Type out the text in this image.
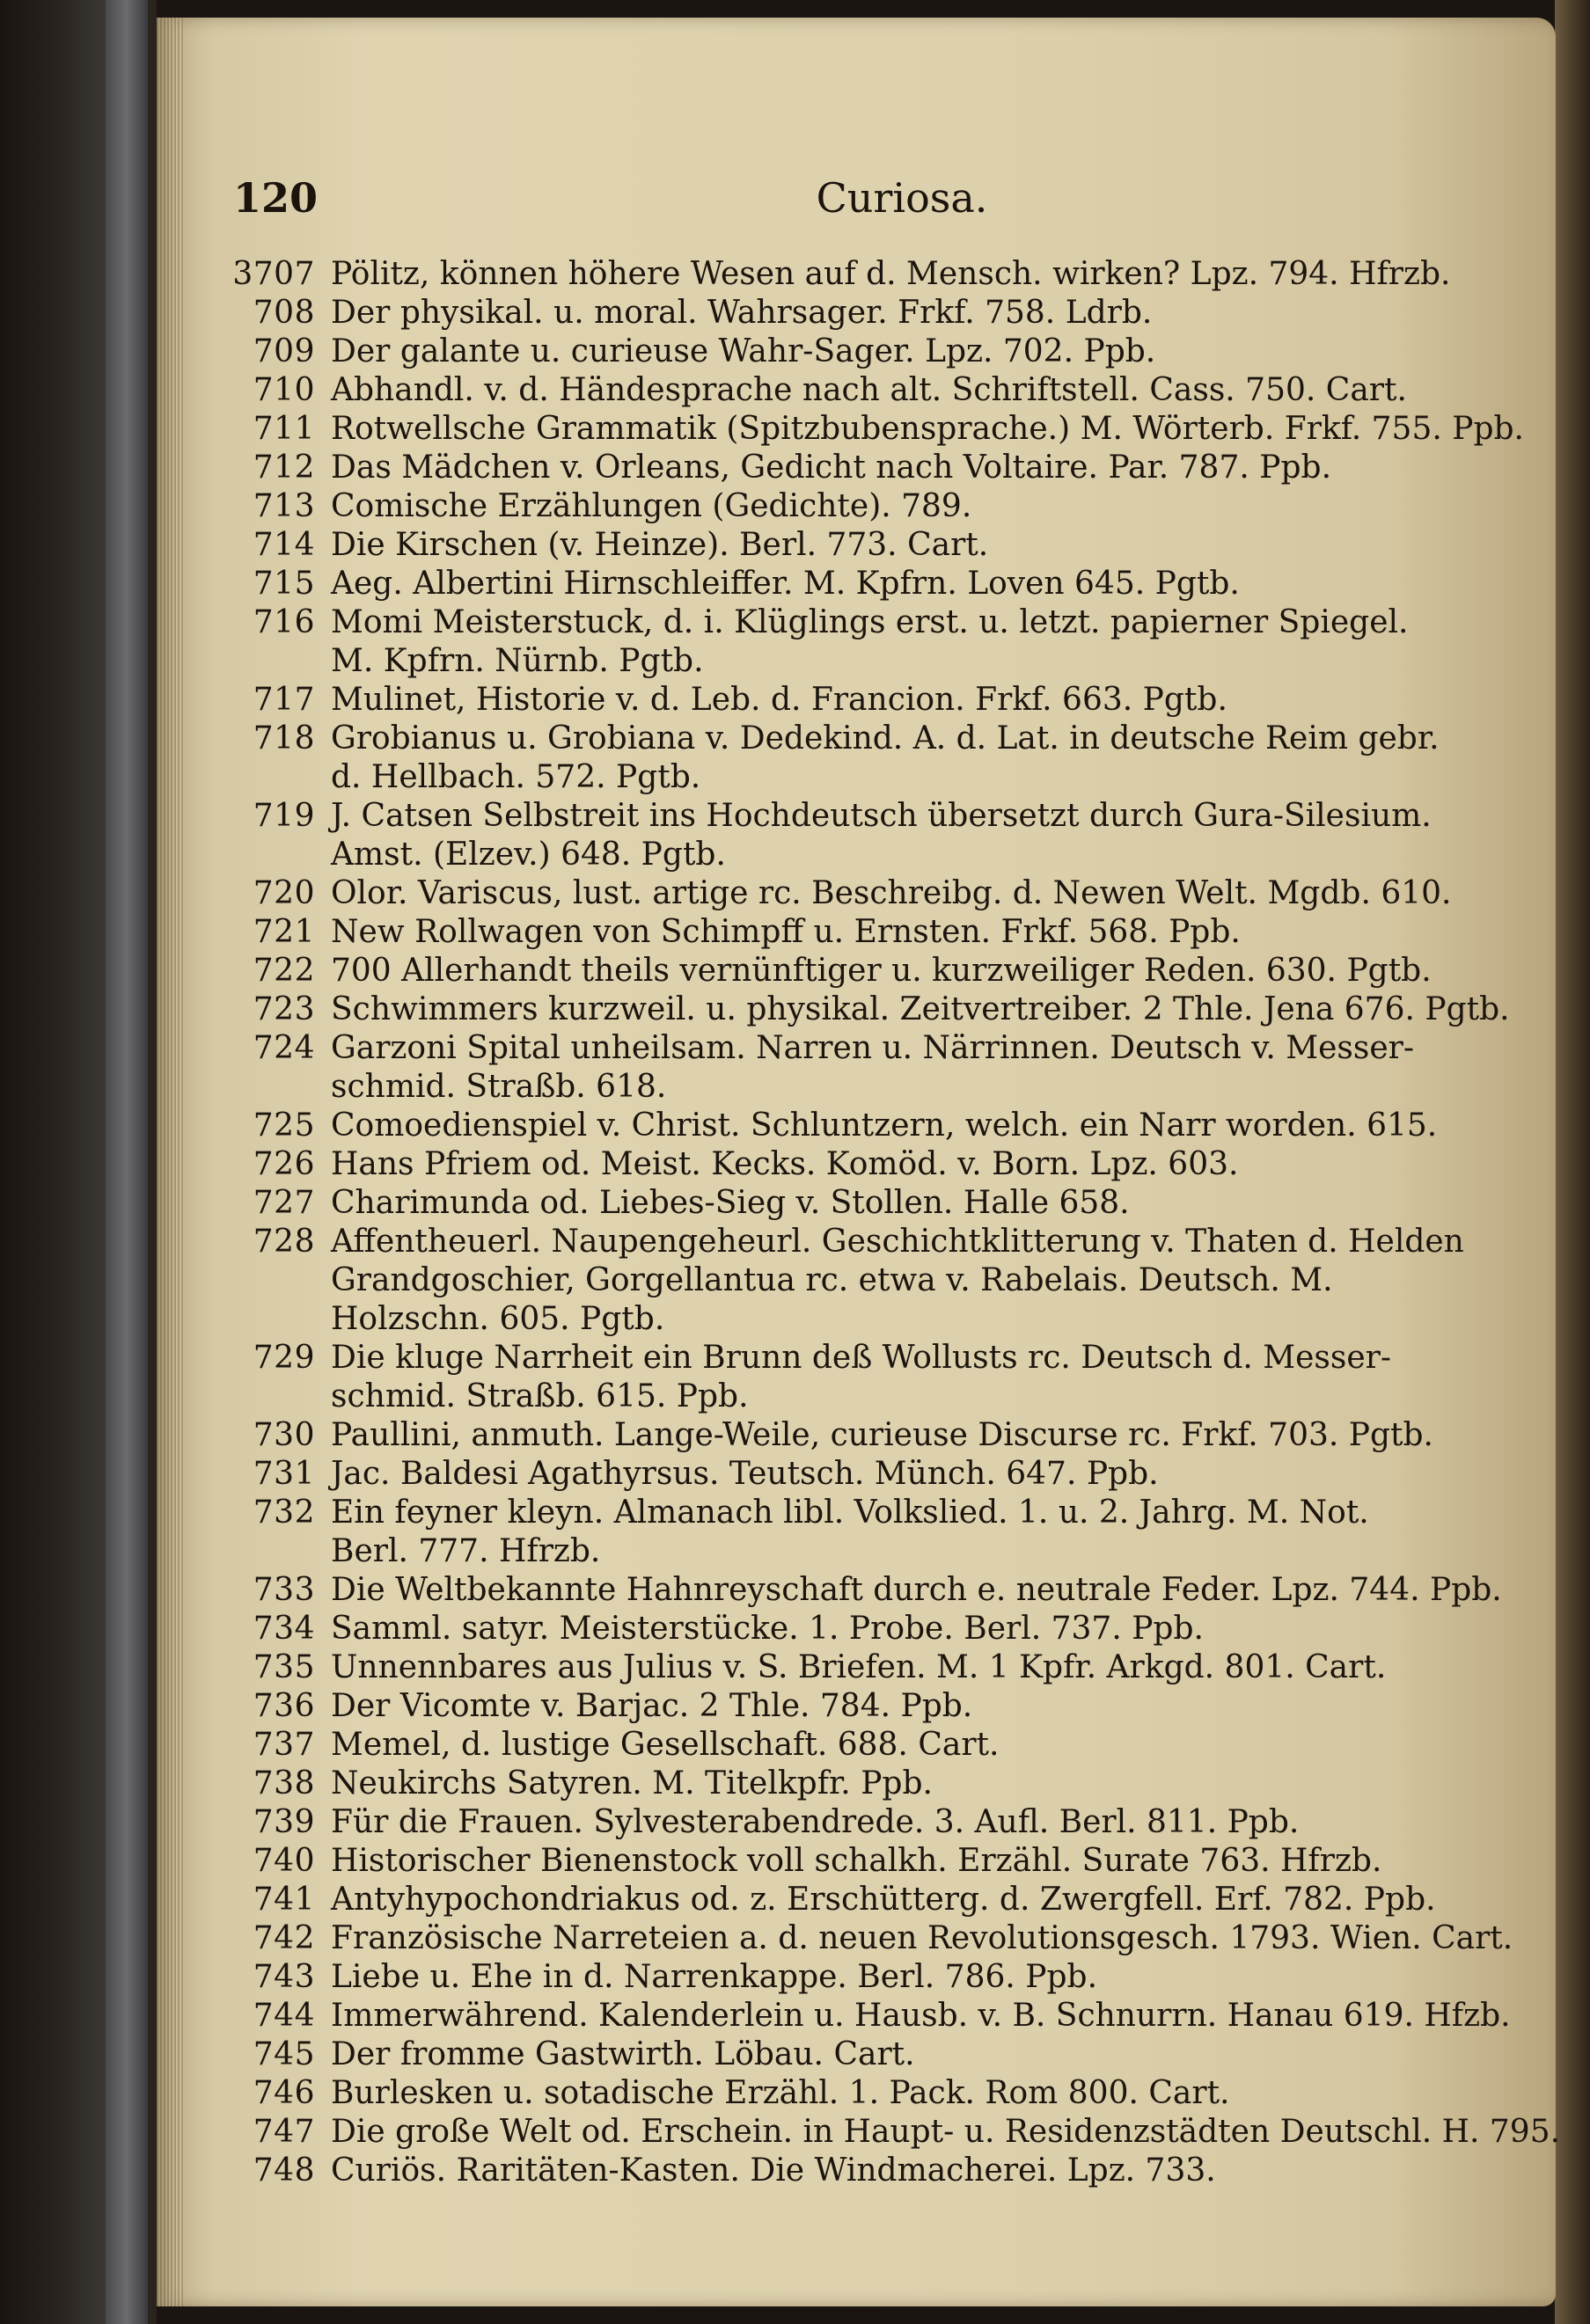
120	Curiosa.
3707 Pölitz, können höhere Wesen auf d. Mensch. wirken? Lpz. 794. Hfrzb.
708 Der physikal. u. moral. Wahrsager. Frkf. 758. Ldrb.
709 Der galante u. curieuse Wahr-Sager. Lpz. 702. Ppb.
710 Abhandl. v. d. Händesprache nach alt. Schriftstell. Cass. 750. Cart.
711 Rotwellsche Grammatik (Spitzbubensprache.) M. Wörterb. Frkf. 755. Ppb.
712 Das Mädchen v. Orleans, Gedicht nach Voltaire. Par. 787. Ppb.
713 Comische Erzählungen (Gedichte). 789.
714 Die Kirschen (v. Heinze). Berl. 773. Cart.
715 Aeg. Albertini Hirnschleiffer. M. Kpfrn. Loven 645. Pgtb.
716 Momi Meisterstuck, d. i. Klüglings erst. u. letzt. papierner Spiegel.
M. Kpfrn. Nürnb. Pgtb.
717 Mulinet, Historie v. d. Leb. d. Francion. Frkf. 663. Pgtb.
718 Grobianus u. Grobiana v. Dedekind. A. d. Lat. in deutsche Reim gebr.
d. Hellbach. 572. Pgtb.
719 J. Catsen Selbstreit ins Hochdeutsch übersetzt durch Gura-Silesium.
Amst. (Elzev.) 648. Pgtb.
720 Olor. Variscus, lust. artige rc. Beschreibg. d. Newen Welt. Mgdb. 610.
721 New Rollwagen von Schimpff u. Ernsten. Frkf. 568. Ppb.
722 700 Allerhandt theils vernünftiger u. kurzweiliger Reden. 630. Pgtb.
723 Schwimmers kurzweil. u. physikal. Zeitvertreiber. 2 Thle. Jena 676. Pgtb.
724 Garzoni Spital unheilsam. Narren u. Närrinnen. Deutsch v. Messer-
schmid. Straßb. 618.
725 Comoedienspiel v. Christ. Schluntzern, welch. ein Narr worden. 615.
726 Hans Pfriem od. Meist. Kecks. Komöd. v. Born. Lpz. 603.
727 Charimunda od. Liebes-Sieg v. Stollen. Halle 658.
728 Affentheuerl. Naupengeheurl. Geschichtklitterung v. Thaten d. Helden
Grandgoschier, Gorgellantua rc. etwa v. Rabelais. Deutsch. M.
Holzschn. 605. Pgtb.
729 Die kluge Narrheit ein Brunn deß Wollusts rc. Deutsch d. Messer-
schmid. Straßb. 615. Ppb.
730 Paullini, anmuth. Lange-Weile, curieuse Discurse rc. Frkf. 703. Pgtb.
731 Jac. Baldesi Agathyrsus. Teutsch. Münch. 647. Ppb.
732 Ein feyner kleyn. Almanach libl. Volkslied. 1. u. 2. Jahrg. M. Not.
Berl. 777. Hfrzb.
733 Die Weltbekannte Hahnreyschaft durch e. neutrale Feder. Lpz. 744. Ppb.
734 Samml. satyr. Meisterstücke. 1. Probe. Berl. 737. Ppb.
735 Unnennbares aus Julius v. S. Briefen. M. 1 Kpfr. Arkgd. 801. Cart.
736 Der Vicomte v. Barjac. 2 Thle. 784. Ppb.
737 Memel, d. lustige Gesellschaft. 688. Cart.
738 Neukirchs Satyren. M. Titelkpfr. Ppb.
739 Für die Frauen. Sylvesterabendrede. 3. Aufl. Berl. 811. Ppb.
740 Historischer Bienenstock voll schalkh. Erzähl. Surate 763. Hfrzb.
741 Antyhypochondriakus od. z. Erschütterg. d. Zwergfell. Erf. 782. Ppb.
742 Französische Narreteien a. d. neuen Revolutionsgesch. 1793. Wien. Cart.
743 Liebe u. Ehe in d. Narrenkappe. Berl. 786. Ppb.
744 Immerwährend. Kalenderlein u. Hausb. v. B. Schnurrn. Hanau 619. Hfzb.
745 Der fromme Gastwirth. Löbau. Cart.
746 Burlesken u. sotadische Erzähl. 1. Pack. Rom 800. Cart.
747 Die große Welt od. Erschein. in Haupt- u. Residenzstädten Deutschl. H. 795.
748 Curiös. Raritäten-Kasten. Die Windmacherei. Lpz. 733.
